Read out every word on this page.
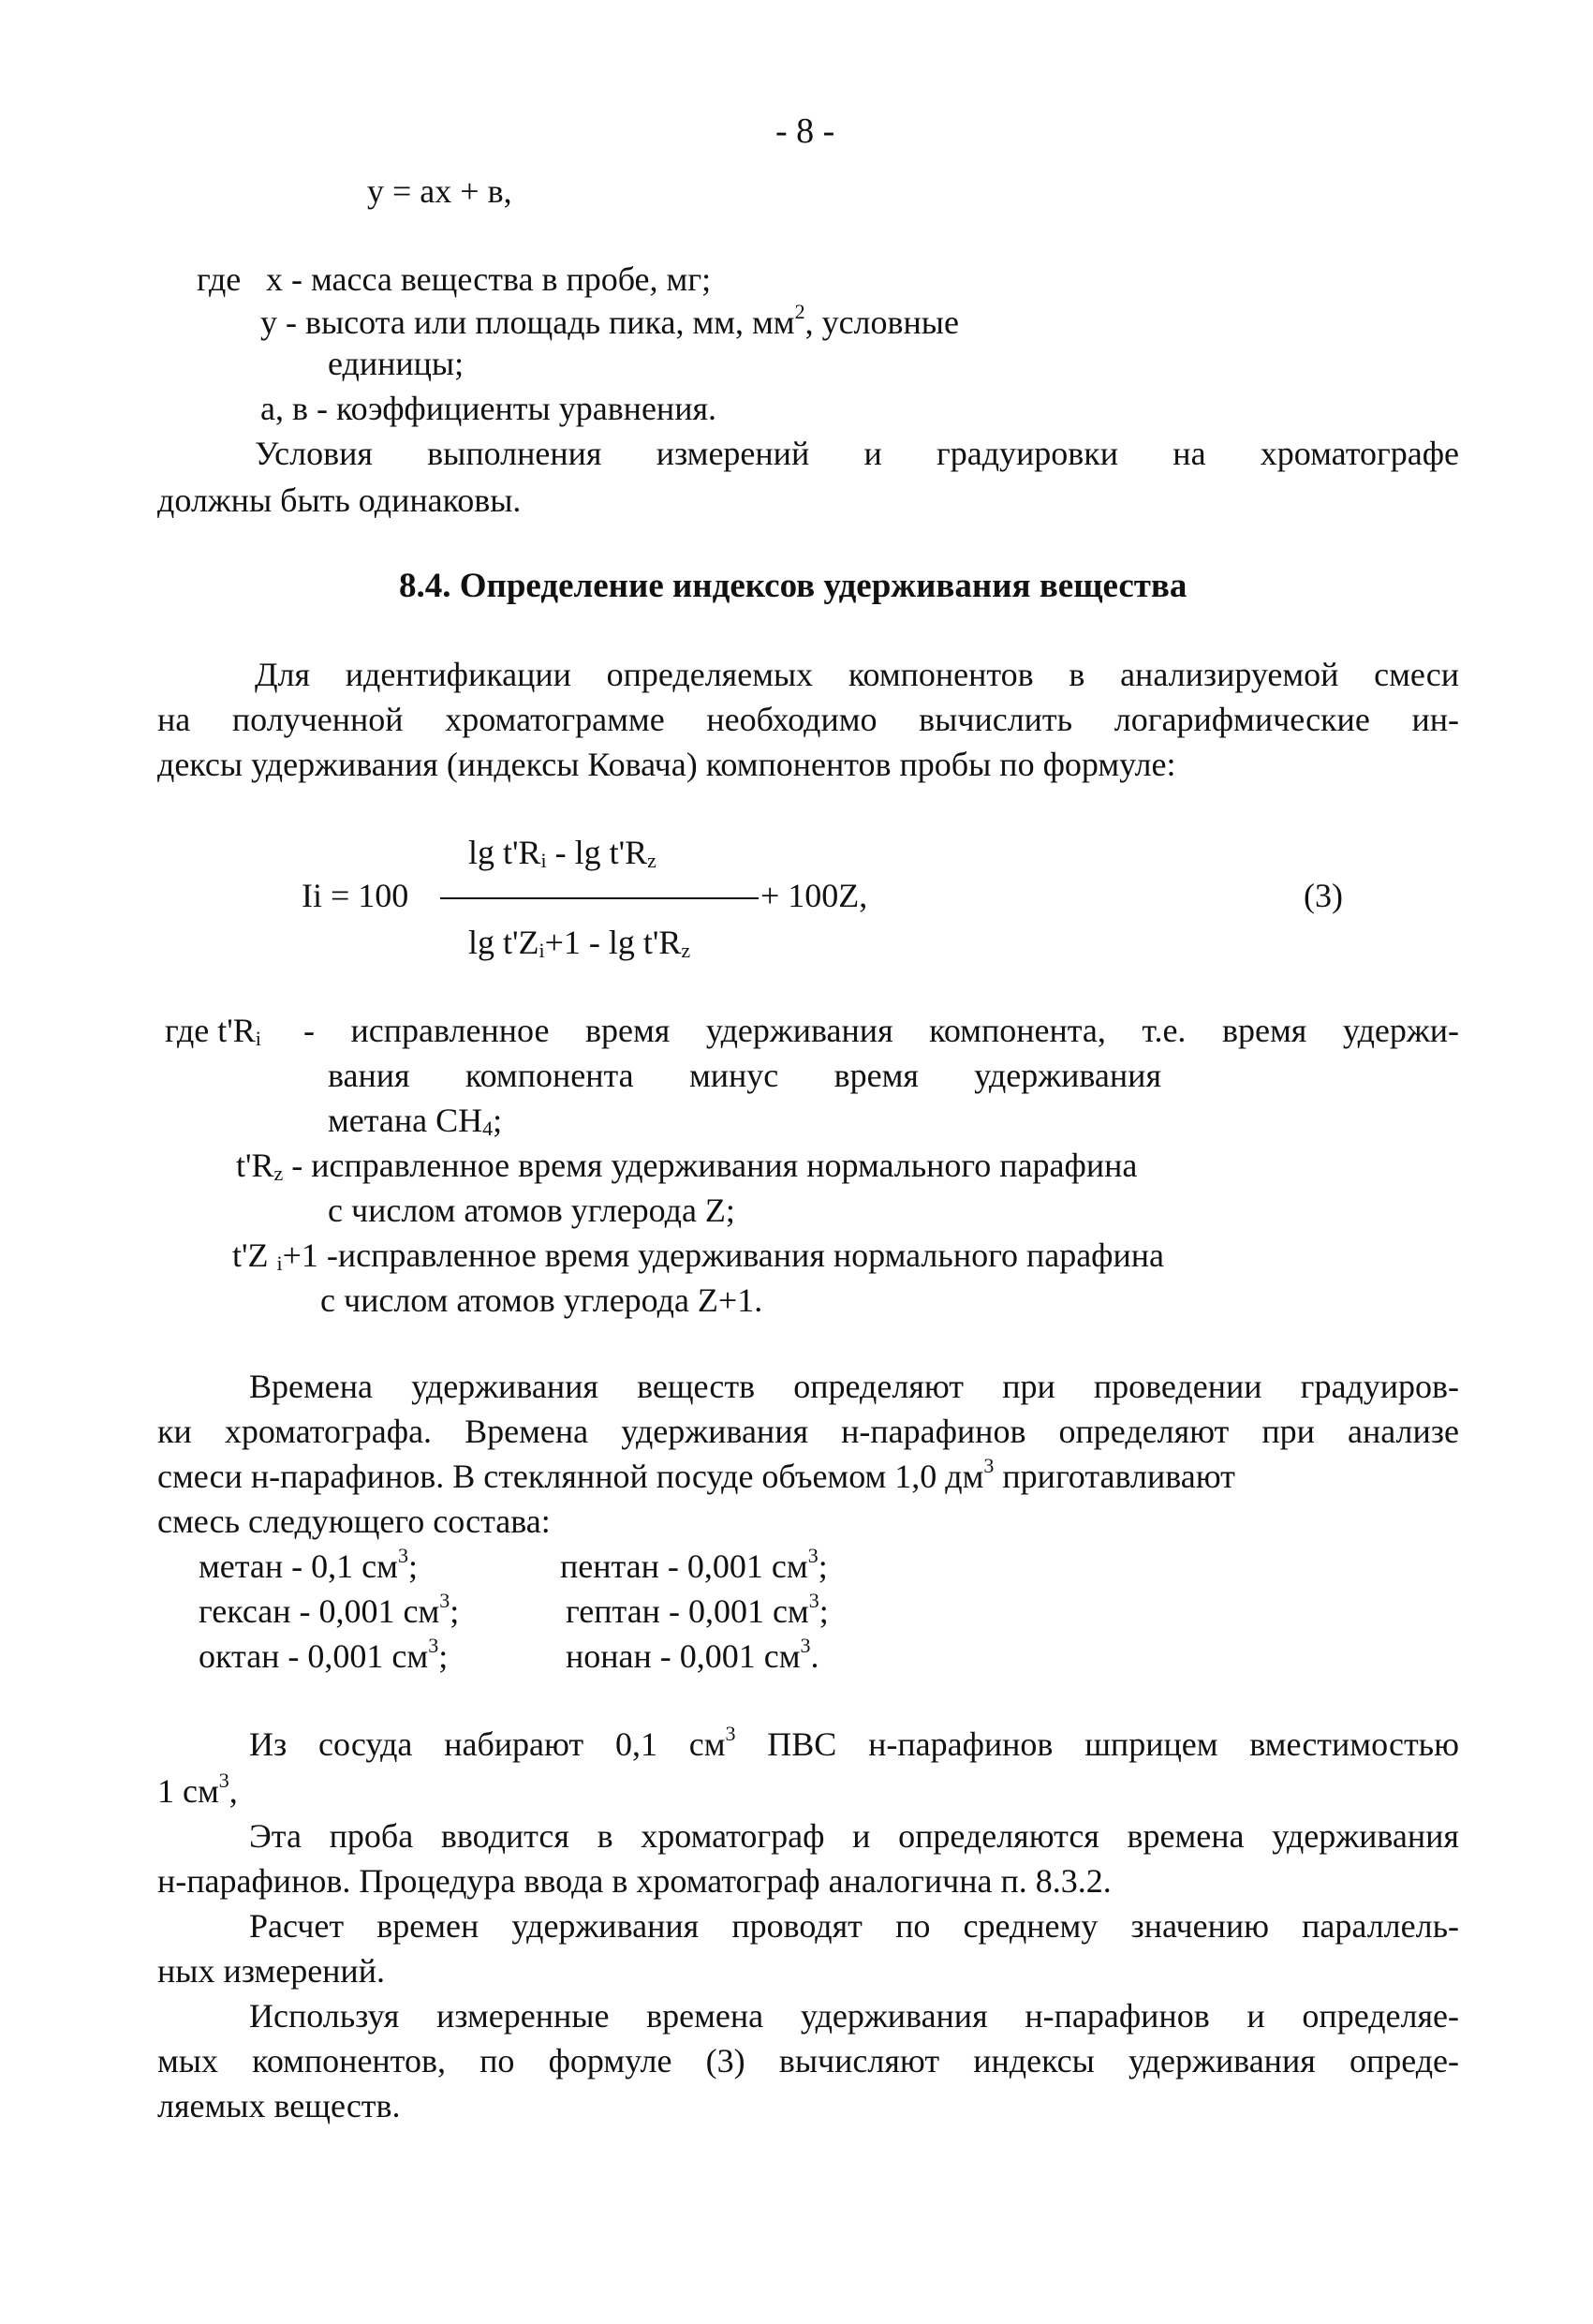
- 8 -
y = ax + в,
где x - масса вещества в пробе, мг;
y - высота или площадь пика, мм, $мм^2$, условные
единицы;
а, в - коэффициенты уравнения.
Условия выполнения измерений и градуировки на хроматографе
должны быть одинаковы.
8.4. Определение индексов удерживания вещества
Для идентификации определяемых компонентов в анализируемой смеси
на полученной хроматограмме необходимо вычислить логарифмические ин-
дексы удерживания (индексы Ковача) компонентов пробы по формуле:
$\lg t'R_i$ - $\lg t'R_z$
Ii = 100	+ 100Z,	(3)
$\lg t'Z_i+1 - \lg t'R_z$
где $t'R_i$ - исправленное время удерживания компонента, т.е. время удержи-
вания компонента минус время удерживания
метана $CH_4$;
$t'R_z$ - исправленное время удерживания нормального парафина
с числом атомов углерода Z;
t'Z $_i$+1 -исправленное время удерживания нормального парафина
с числом атомов углерода Z+1.
Времена удерживания веществ определяют при проведении градуиров-
ки хроматографа. Времена удерживания н-парафинов определяют при анализе
смеси н-парафинов. В стеклянной посуде объемом 1,0 $дм^3$ приготавливают
смесь следующего состава:
метан - 0,1 $см^3$;	пентан - 0,001 $см^3$;
гексан - 0,001 $см^3$;	гептан - 0,001 $см^3$;
октан - 0,001 $см^3$;	нонан - 0,001 $см^3$.
Из сосуда набирают 0,1 $см^3$ ПВС н-парафинов шприцем вместимостью
1 $см^3$,
Эта проба вводится в хроматограф и определяются времена удерживания
н-парафинов. Процедура ввода в хроматограф аналогична п. 8.3.2.
Расчет времен удерживания проводят по среднему значению параллель-
ных измерений.
Используя измеренные времена удерживания н-парафинов и определяе-
мых компонентов, по формуле (3) вычисляют индексы удерживания опреде-
ляемых веществ.
